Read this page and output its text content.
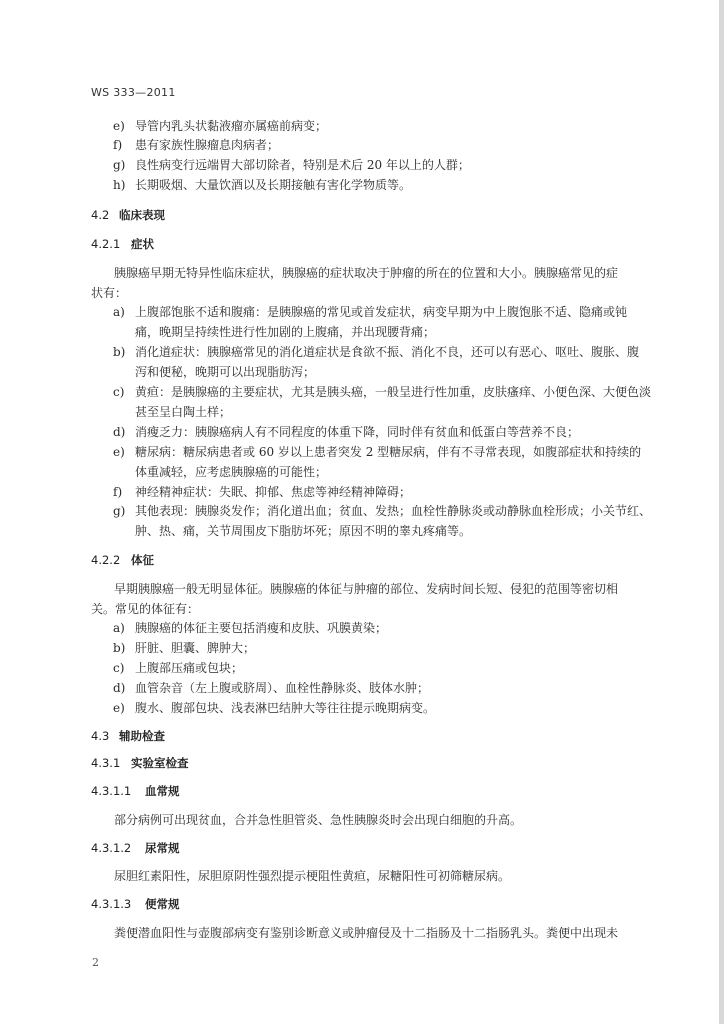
WS 333—2011
e) 导管内乳头状黏液瘤亦属癌前病变；
f) 患有家族性腺瘤息肉病者；
g) 良性病变行远端胃大部切除者，特别是术后 20 年以上的人群；
h) 长期吸烟、大量饮酒以及长期接触有害化学物质等。
4.2 临床表现
4.2.1 症状
胰腺癌早期无特异性临床症状，胰腺癌的症状取决于肿瘤的所在的位置和大小。胰腺癌常见的症
状有：
a) 上腹部饱胀不适和腹痛：是胰腺癌的常见或首发症状，病变早期为中上腹饱胀不适、隐痛或钝
痛，晚期呈持续性进行性加剧的上腹痛，并出现腰背痛；
b) 消化道症状：胰腺癌常见的消化道症状是食欲不振、消化不良，还可以有恶心、呕吐、腹胀、腹
泻和便秘，晚期可以出现脂肪泻；
c) 黄疸：是胰腺癌的主要症状，尤其是胰头癌，一般呈进行性加重，皮肤瘙痒、小便色深、大便色淡
甚至呈白陶土样；
d) 消瘦乏力：胰腺癌病人有不同程度的体重下降，同时伴有贫血和低蛋白等营养不良；
e) 糖尿病：糖尿病患者或 60 岁以上患者突发 2 型糖尿病，伴有不寻常表现，如腹部症状和持续的
体重减轻，应考虑胰腺癌的可能性；
f) 神经精神症状：失眠、抑郁、焦虑等神经精神障碍；
g) 其他表现：胰腺炎发作；消化道出血；贫血、发热；血栓性静脉炎或动静脉血栓形成；小关节红、
肿、热、痛，关节周围皮下脂肪坏死；原因不明的睾丸疼痛等。
4.2.2 体征
早期胰腺癌一般无明显体征。胰腺癌的体征与肿瘤的部位、发病时间长短、侵犯的范围等密切相
关。常见的体征有：
a) 胰腺癌的体征主要包括消瘦和皮肤、巩膜黄染；
b) 肝脏、胆囊、脾肿大；
c) 上腹部压痛或包块；
d) 血管杂音（左上腹或脐周）、血栓性静脉炎、肢体水肿；
e) 腹水、腹部包块、浅表淋巴结肿大等往往提示晚期病变。
4.3 辅助检查
4.3.1 实验室检查
4.3.1.1 血常规
部分病例可出现贫血，合并急性胆管炎、急性胰腺炎时会出现白细胞的升高。
4.3.1.2 尿常规
尿胆红素阳性，尿胆原阴性强烈提示梗阻性黄疸，尿糖阳性可初筛糖尿病。
4.3.1.3 便常规
粪便潜血阳性与壶腹部病变有鉴别诊断意义或肿瘤侵及十二指肠及十二指肠乳头。粪便中出现未
2
